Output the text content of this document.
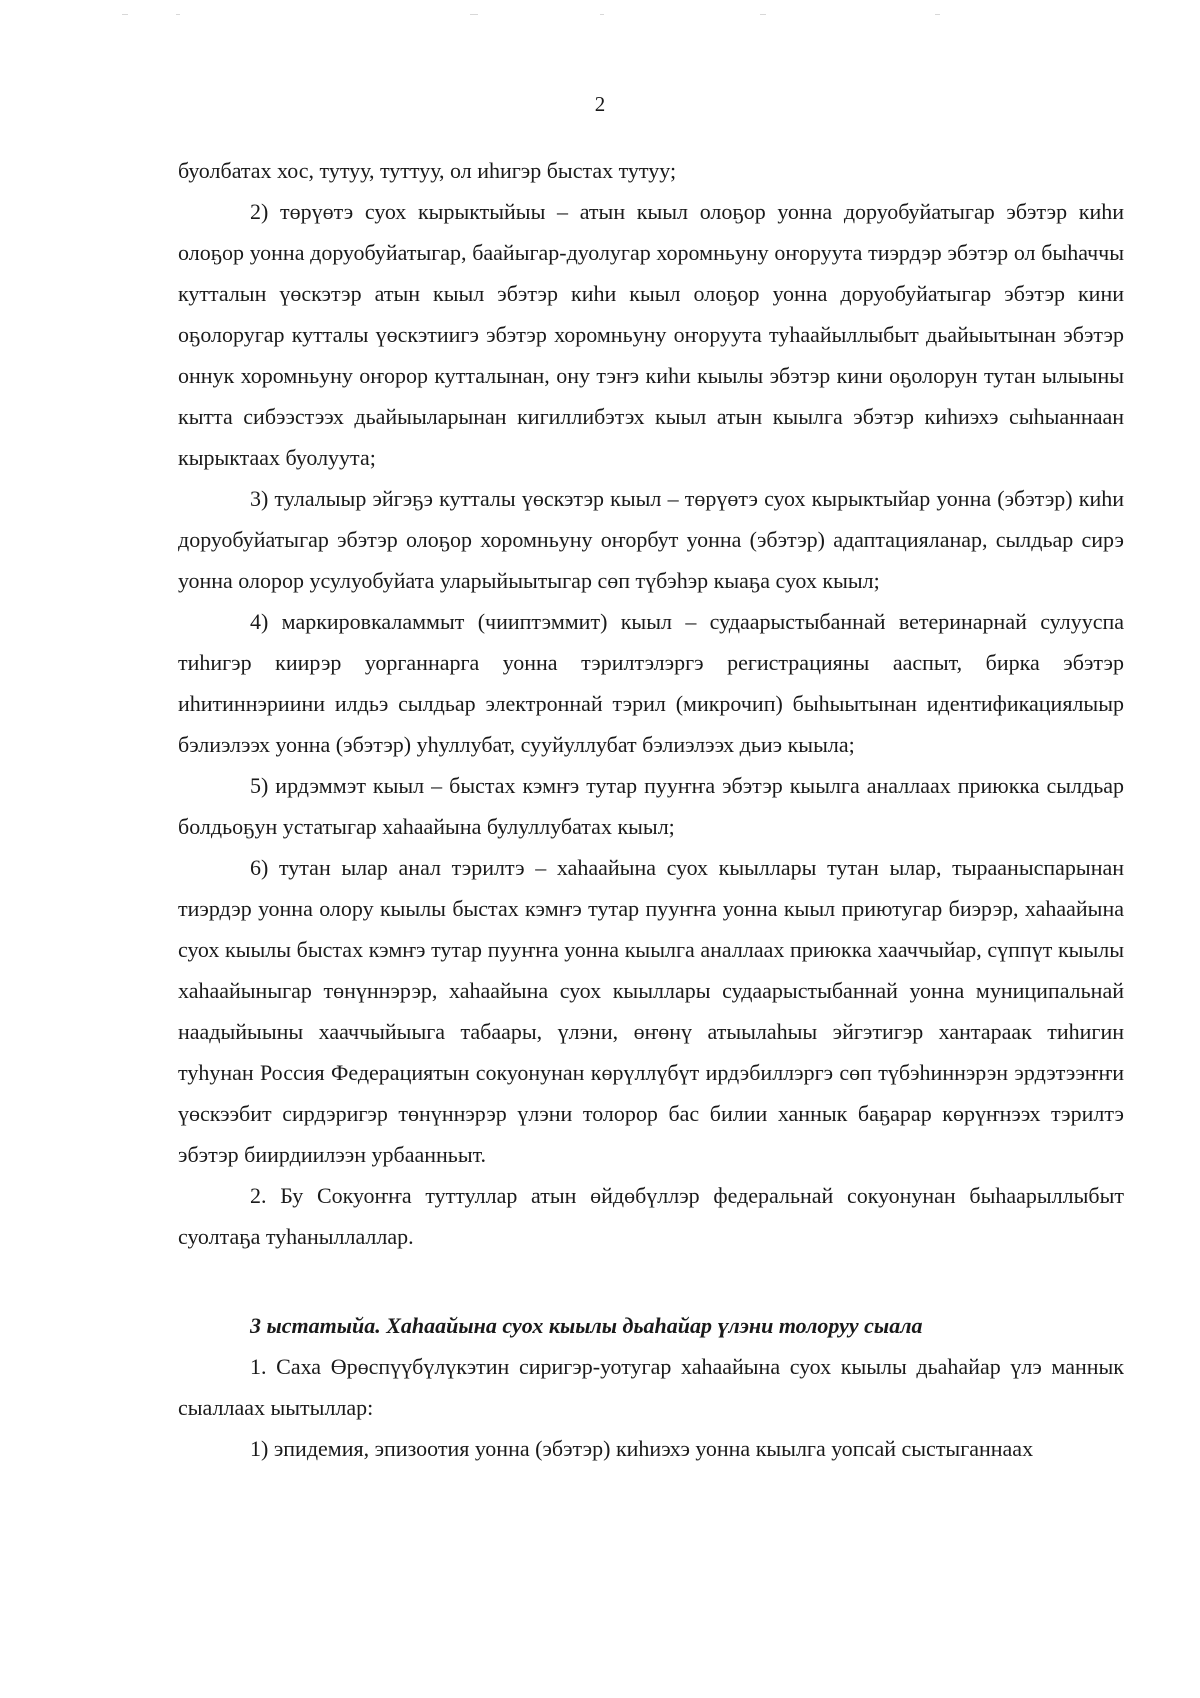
2

буолбатах хос, тутуу, туттуу, ол иһигэр быстах тутуу;

2) төрүөтэ суох кырыктыйыы – атын кыыл олоҕор уонна доруобуйатыгар эбэтэр киһи олоҕор уонна доруобуйатыгар, баайыгар-дуолугар хоромньуну оҥоруута тиэрдэр эбэтэр ол быһаччы кутталын үөскэтэр атын кыыл эбэтэр киһи кыыл олоҕор уонна доруобуйатыгар эбэтэр кини оҕолоругар кутталы үөскэтиигэ эбэтэр хоромньуну оҥоруута туһаайыллыбыт дьайыытынан эбэтэр оннук хоромньуну оҥорор кутталынан, ону тэҥэ киһи кыылы эбэтэр кини оҕолорун тутан ылыыны кытта сибээстээх дьайыыларынан кигиллибэтэх кыыл атын кыылга эбэтэр киһиэхэ сыһыаннаан кырыктаах буолуута;

3) тулалыыр эйгэҕэ кутталы үөскэтэр кыыл – төрүөтэ суох кырыктыйар уонна (эбэтэр) киһи доруобуйатыгар эбэтэр олоҕор хоромньуну оҥорбут уонна (эбэтэр) адаптацияланар, сылдьар сирэ уонна олорор усулуобуйата уларыйыытыгар сөп түбэһэр кыаҕа суох кыыл;

4) маркировкаламмыт (чииптэммит) кыыл – судаарыстыбаннай ветеринарнай сулууспа тиһигэр киирэр уорганнарга уонна тэрилтэлэргэ регистрацияны ааспыт, бирка эбэтэр иһитиннэриини илдьэ сылдьар электроннай тэрил (микрочип) быһыытынан идентификациялыыр бэлиэлээх уонна (эбэтэр) уһуллубат, сууйуллубат бэлиэлээх дьиэ кыыла;

5) ирдэммэт кыыл – быстах кэмҥэ тутар пууҥҥа эбэтэр кыылга аналлаах приюкка сылдьар болдьоҕун устатыгар хаһаайына булуллубатах кыыл;

6) тутан ылар анал тэрилтэ – хаһаайына суох кыыллары тутан ылар, тырааныспарынан тиэрдэр уонна олору кыылы быстах кэмҥэ тутар пууҥҥа уонна кыыл приютугар биэрэр, хаһаайына суох кыылы быстах кэмҥэ тутар пууҥҥа уонна кыылга аналлаах приюкка хааччыйар, сүппүт кыылы хаһаайыныгар төнүннэрэр, хаһаайына суох кыыллары судаарыстыбаннай уонна муниципальнай наадыйыыны хааччыйыыга табаары, үлэни, өҥөнү атыылаһыы эйгэтигэр хантараак тиһигин туһунан Россия Федерациятын сокуонунан көрүллүбүт ирдэбиллэргэ сөп түбэһиннэрэн эрдэтээҥҥи үөскээбит сирдэригэр төнүннэрэр үлэни толорор бас билии ханнык баҕарар көрүҥнээх тэрилтэ эбэтэр биирдиилээн урбаанньыт.

2. Бу Сокуоҥҥа туттуллар атын өйдөбүллэр федеральнай сокуонунан быһаарыллыбыт суолтаҕа туһаныллаллар.

3 ыстатыйа. Хаһаайына суох кыылы дьаһайар үлэни толоруу сыала

1. Саха Өрөспүүбүлүкэтин сиригэр-уотугар хаһаайына суох кыылы дьаһайар үлэ маннык сыаллаах ыытыллар:

1) эпидемия, эпизоотия уонна (эбэтэр) киһиэхэ уонна кыылга уопсай сыстыганнаах
